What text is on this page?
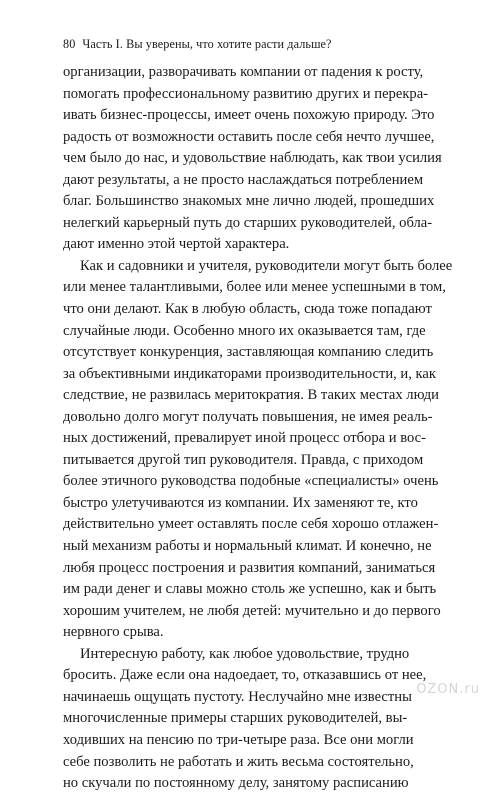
80 Часть I. Вы уверены, что хотите расти дальше?
организации, разворачивать компании от падения к росту,
помогать профессиональному развитию других и перекра-
ивать бизнес-процессы, имеет очень похожую природу. Это
радость от возможности оставить после себя нечто лучшее,
чем было до нас, и удовольствие наблюдать, как твои усилия
дают результаты, а не просто наслаждаться потреблением
благ. Большинство знакомых мне лично людей, прошедших
нелегкий карьерный путь до старших руководителей, обла-
дают именно этой чертой характера.
Как и садовники и учителя, руководители могут быть более
или менее талантливыми, более или менее успешными в том,
что они делают. Как в любую область, сюда тоже попадают
случайные люди. Особенно много их оказывается там, где
отсутствует конкуренция, заставляющая компанию следить
за объективными индикаторами производительности, и, как
следствие, не развилась меритократия. В таких местах люди
довольно долго могут получать повышения, не имея реаль-
ных достижений, превалирует иной процесс отбора и вос-
питывается другой тип руководителя. Правда, с приходом
более этичного руководства подобные «специалисты» очень
быстро улетучиваются из компании. Их заменяют те, кто
действительно умеет оставлять после себя хорошо отлажен-
ный механизм работы и нормальный климат. И конечно, не
любя процесс построения и развития компаний, заниматься
им ради денег и славы можно столь же успешно, как и быть
хорошим учителем, не любя детей: мучительно и до первого
нервного срыва.
Интересную работу, как любое удовольствие, трудно
бросить. Даже если она надоедает, то, отказавшись от нее,
начинаешь ощущать пустоту. Неслучайно мне известны
многочисленные примеры старших руководителей, вы-
ходивших на пенсию по три-четыре раза. Все они могли
себе позволить не работать и жить весьма состоятельно,
но скучали по постоянному делу, занятому расписанию
OZON.ru
